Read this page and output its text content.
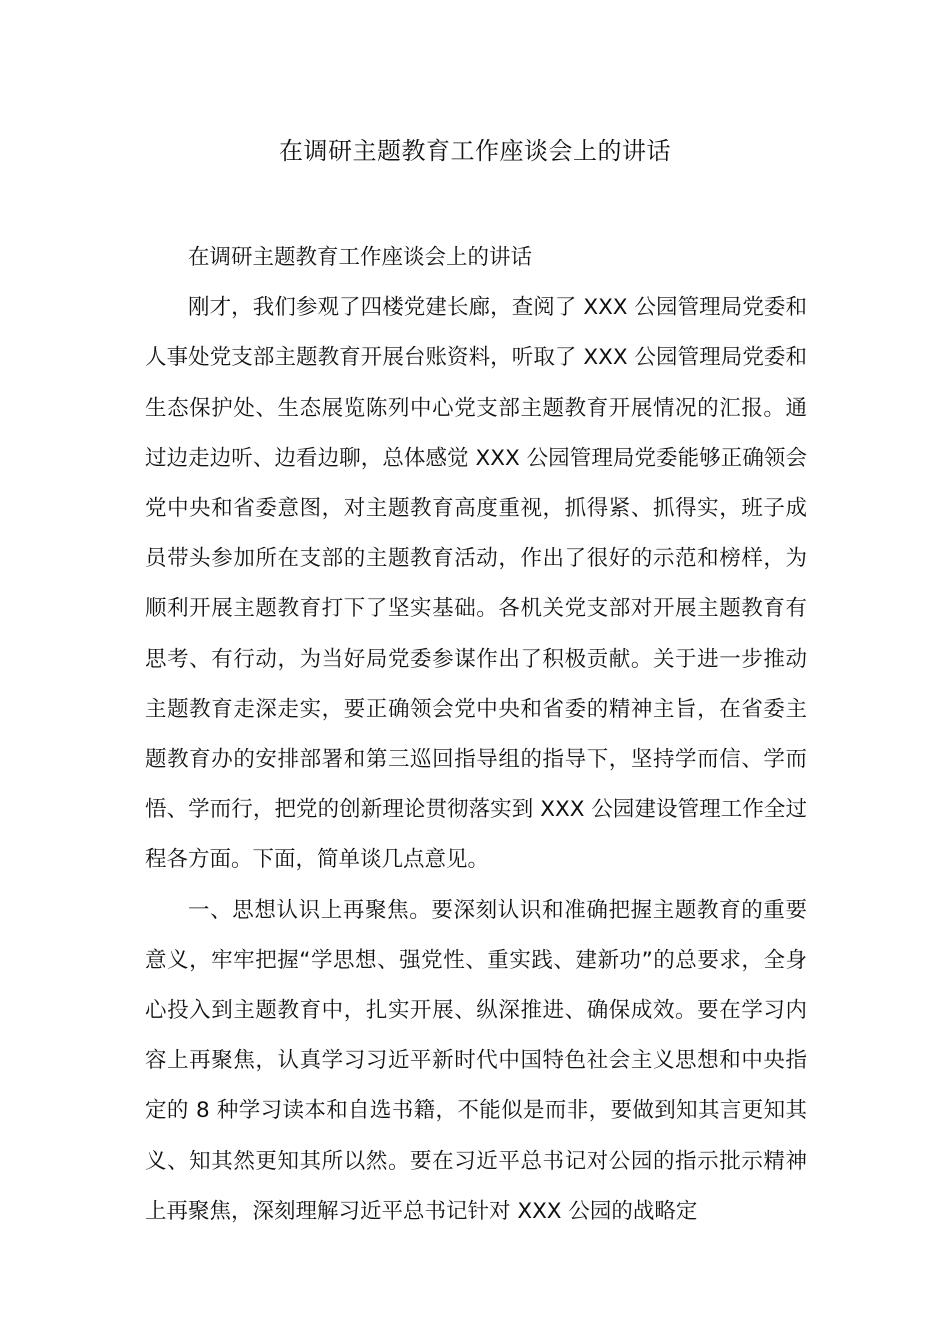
在调研主题教育工作座谈会上的讲话

在调研主题教育工作座谈会上的讲话

刚才，我们参观了四楼党建长廊，查阅了 XXX 公园管理局党委和人事处党支部主题教育开展台账资料，听取了 XXX 公园管理局党委和生态保护处、生态展览陈列中心党支部主题教育开展情况的汇报。通过边走边听、边看边聊，总体感觉 XXX 公园管理局党委能够正确领会党中央和省委意图，对主题教育高度重视，抓得紧、抓得实，班子成员带头参加所在支部的主题教育活动，作出了很好的示范和榜样，为顺利开展主题教育打下了坚实基础。各机关党支部对开展主题教育有思考、有行动，为当好局党委参谋作出了积极贡献。关于进一步推动主题教育走深走实，要正确领会党中央和省委的精神主旨，在省委主题教育办的安排部署和第三巡回指导组的指导下，坚持学而信、学而悟、学而行，把党的创新理论贯彻落实到 XXX 公园建设管理工作全过程各方面。下面，简单谈几点意见。

一、思想认识上再聚焦。要深刻认识和准确把握主题教育的重要意义，牢牢把握“学思想、强党性、重实践、建新功”的总要求，全身心投入到主题教育中，扎实开展、纵深推进、确保成效。要在学习内容上再聚焦，认真学习习近平新时代中国特色社会主义思想和中央指定的 8 种学习读本和自选书籍，不能似是而非，要做到知其言更知其义、知其然更知其所以然。要在习近平总书记对公园的指示批示精神上再聚焦，深刻理解习近平总书记针对 XXX 公园的战略定
